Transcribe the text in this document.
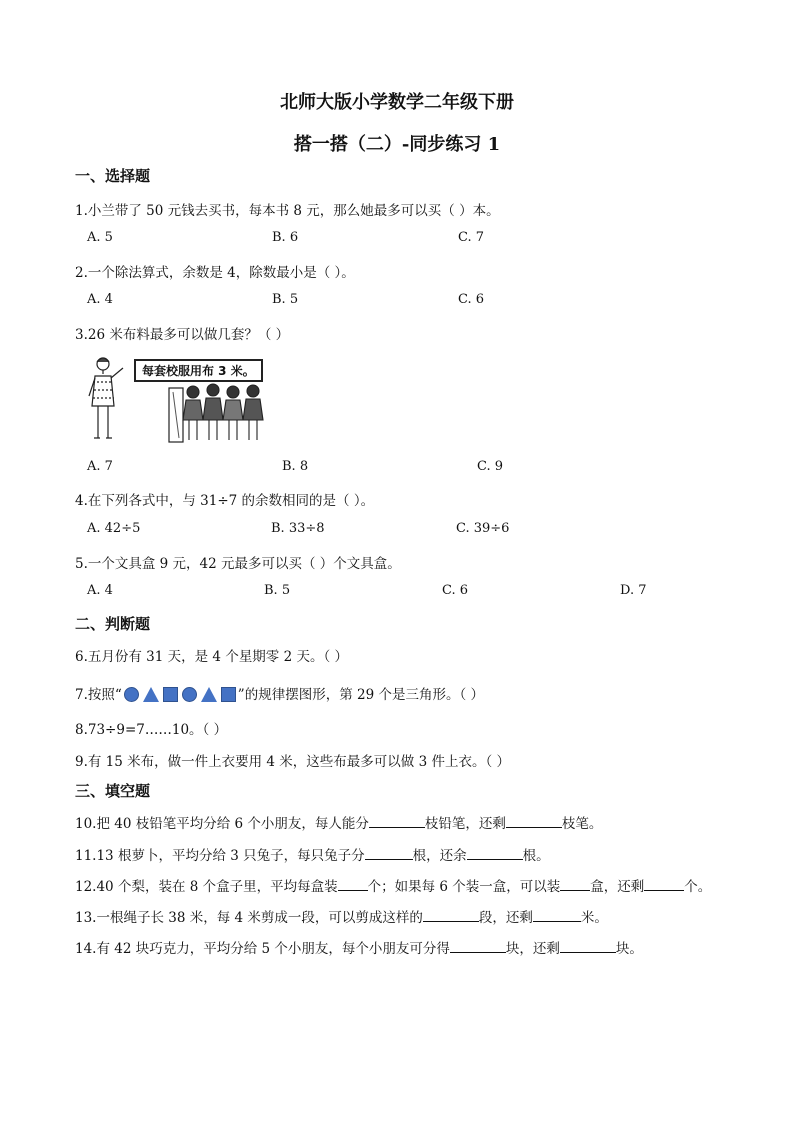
北师大版小学数学二年级下册
搭一搭（二）-同步练习 1
一、选择题
1.小兰带了 50 元钱去买书，每本书 8 元，那么她最多可以买（ ）本。
A. 5	B. 6	C. 7
2.一个除法算式，余数是 4，除数最小是（ ）。
A. 4	B. 5	C. 6
3.26 米布料最多可以做几套？（ ）
每套校服用布 3 米。
A. 7	B. 8	C. 9
4.在下列各式中，与 31÷7 的余数相同的是（ ）。
A. 42÷5	B. 33÷8	C. 39÷6
5.一个文具盒 9 元，42 元最多可以买（ ）个文具盒。
A. 4	B. 5	C. 6	D. 7
二、判断题
6.五月份有 31 天，是 4 个星期零 2 天。（ ）
7.按照“	”的规律摆图形，第 29 个是三角形。（ ）
8.73÷9=7……10。（ ）
9.有 15 米布，做一件上衣要用 4 米，这些布最多可以做 3 件上衣。（ ）
三、填空题
10.把 40 枝铅笔平均分给 6 个小朋友，每人能分	枝铅笔，还剩	枝笔。
11.13 根萝卜，平均分给 3 只兔子，每只兔子分	根，还余	根。
12.40 个梨，装在 8 个盒子里，平均每盒装 个；如果每 6 个装一盒，可以装 盒，还剩	个。
13.一根绳子长 38 米，每 4 米剪成一段，可以剪成这样的	段，还剩	米。
14.有 42 块巧克力，平均分给 5 个小朋友，每个小朋友可分得	块，还剩	块。
